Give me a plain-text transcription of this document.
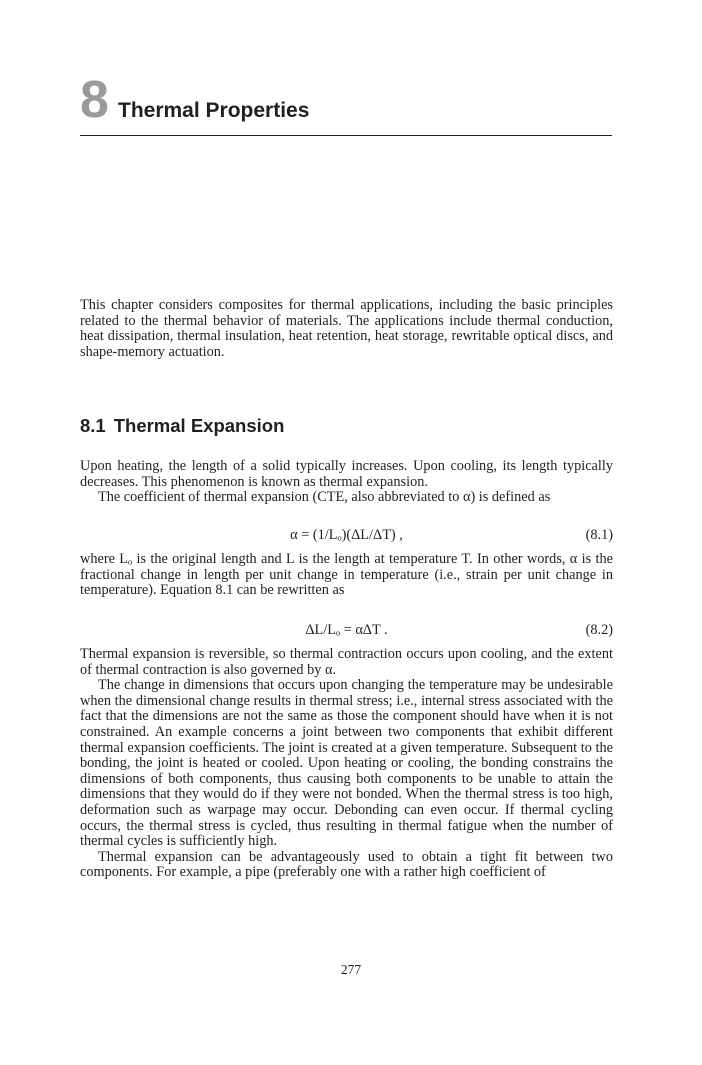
8 Thermal Properties

This chapter considers composites for thermal applications, including the basic principles related to the thermal behavior of materials. The applications include thermal conduction, heat dissipation, thermal insulation, heat retention, heat storage, rewritable optical discs, and shape-memory actuation.

8.1 Thermal Expansion

Upon heating, the length of a solid typically increases. Upon cooling, its length typically decreases. This phenomenon is known as thermal expansion.

The coefficient of thermal expansion (CTE, also abbreviated to α) is defined as

α = (1/Lₒ)(ΔL/ΔT) ,	(8.1)

where Lₒ is the original length and L is the length at temperature T. In other words, α is the fractional change in length per unit change in temperature (i.e., strain per unit change in temperature). Equation 8.1 can be rewritten as

ΔL/Lₒ = αΔT .	(8.2)

Thermal expansion is reversible, so thermal contraction occurs upon cooling, and the extent of thermal contraction is also governed by α.

The change in dimensions that occurs upon changing the temperature may be undesirable when the dimensional change results in thermal stress; i.e., internal stress associated with the fact that the dimensions are not the same as those the component should have when it is not constrained. An example concerns a joint between two components that exhibit different thermal expansion coefficients. The joint is created at a given temperature. Subsequent to the bonding, the joint is heated or cooled. Upon heating or cooling, the bonding constrains the dimensions of both components, thus causing both components to be unable to attain the dimensions that they would do if they were not bonded. When the thermal stress is too high, deformation such as warpage may occur. Debonding can even occur. If thermal cycling occurs, the thermal stress is cycled, thus resulting in thermal fatigue when the number of thermal cycles is sufficiently high.

Thermal expansion can be advantageously used to obtain a tight fit between two components. For example, a pipe (preferably one with a rather high coefficient of

277
